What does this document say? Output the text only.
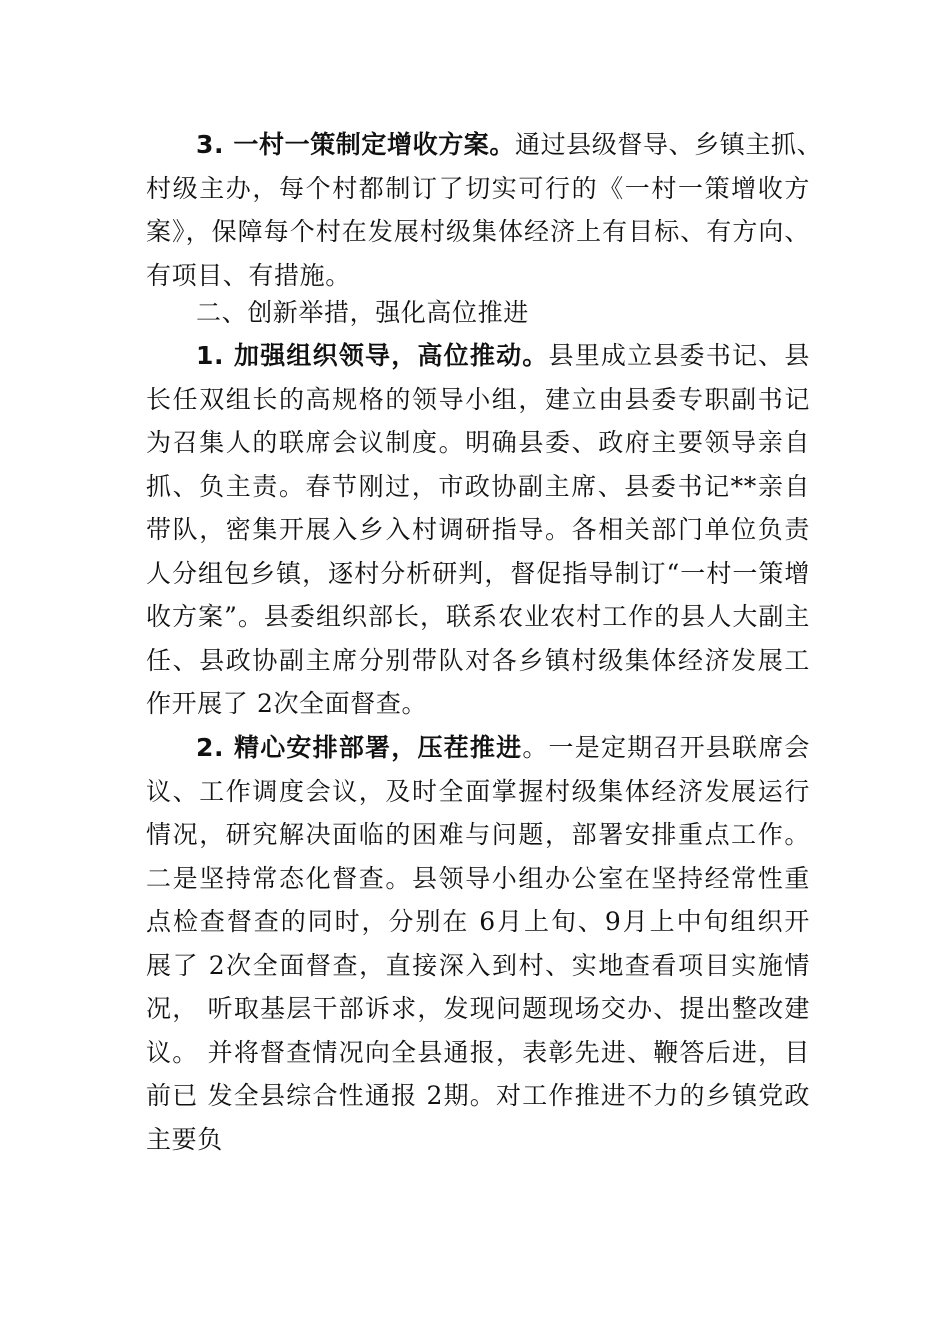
3. 一村一策制定增收方案。通过县级督导、乡镇主抓、
村级主办，每个村都制订了切实可行的《一村一策增收方
案》，保障每个村在发展村级集体经济上有目标、有方向、
有项目、有措施。
二、创新举措，强化高位推进
1. 加强组织领导，高位推动。县里成立县委书记、县
长任双组长的高规格的领导小组，建立由县委专职副书记
为召集人的联席会议制度。明确县委、政府主要领导亲自
抓、负主责。春节刚过，市政协副主席、县委书记**亲自
带队，密集开展入乡入村调研指导。各相关部门单位负责
人分组包乡镇，逐村分析研判，督促指导制订“一村一策增
收方案”。县委组织部长，联系农业农村工作的县人大副主
任、县政协副主席分别带队对各乡镇村级集体经济发展工
作开展了 2次全面督查。
2. 精心安排部署，压茬推进。一是定期召开县联席会
议、工作调度会议，及时全面掌握村级集体经济发展运行
情况，研究解决面临的困难与问题，部署安排重点工作。
二是坚持常态化督查。县领导小组办公室在坚持经常性重
点检查督查的同时，分别在 6月上旬、9月上中旬组织开
展了 2次全面督查，直接深入到村、实地查看项目实施情
况， 听取基层干部诉求，发现问题现场交办、提出整改建
议。 并将督查情况向全县通报，表彰先进、鞭答后进，目
前已 发全县综合性通报 2期。对工作推进不力的乡镇党政
主要负
